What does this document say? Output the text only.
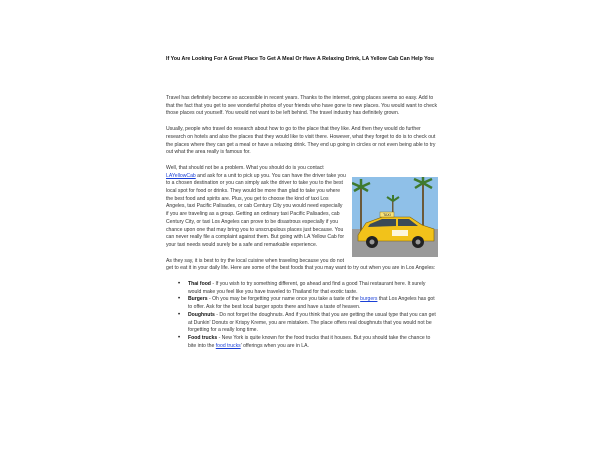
If You Are Looking For A Great Place To Get A Meal Or Have A Relaxing Drink, LA Yellow Cab Can Help You

Travel has definitely become so accessible in recent years. Thanks to the internet, going places seems so easy. Add to that the fact that you get to see wonderful photos of your friends who have gone to new places. You would want to check those places out yourself. You would not want to be left behind. The travel industry has definitely grown.

Usually, people who travel do research about how to go to the place that they like. And then they would do further research on hotels and also the places that they would like to visit there. However, what they forget to do is to check out the places where they can get a meal or have a relaxing drink. They end up going in circles or not even being able to try out what the area really is famous for.

TAXI
Well, that should not be a problem. What you should do is you contact LAYellowCab and ask for a unit to pick up you. You can have the driver take you to a chosen destination or you can simply ask the driver to take you to the best local spot for food or drinks. They would be more than glad to take you where the best food and spirits are. Plus, you get to choose the kind of taxi Los Angeles, taxi Pacific Palisades, or cab Century City you would need especially if you are traveling as a group. Getting an ordinary taxi Pacific Palisades, cab Century City, or taxi Los Angeles can prove to be disastrous especially if you chance upon one that may bring you to unscrupulous places just because. You can never really file a complaint against them. But going with LA Yellow Cab for your taxi needs would surely be a safe and remarkable experience.

As they say, it is best to try the local cuisine when traveling because you do not get to eat it in your daily life. Here are some of the best foods that you may want to try out when you are in Los Angeles:

• Thai food - If you wish to try something different, go ahead and find a good Thai restaurant here. It surely would make you feel like you have traveled to Thailand for that exotic taste.
• Burgers - Oh you may be forgetting your name once you take a taste of the burgers that Los Angeles has got to offer. Ask for the best local burger spots there and have a taste of heaven.
• Doughnuts - Do not forget the doughnuts. And if you think that you are getting the usual type that you can get at Dunkin' Donuts or Krispy Kreme, you are mistaken. The place offers real doughnuts that you would not be forgetting for a really long time.
• Food trucks - New York is quite known for the food trucks that it houses. But you should take the chance to bite into the food trucks' offerings when you are in LA.
